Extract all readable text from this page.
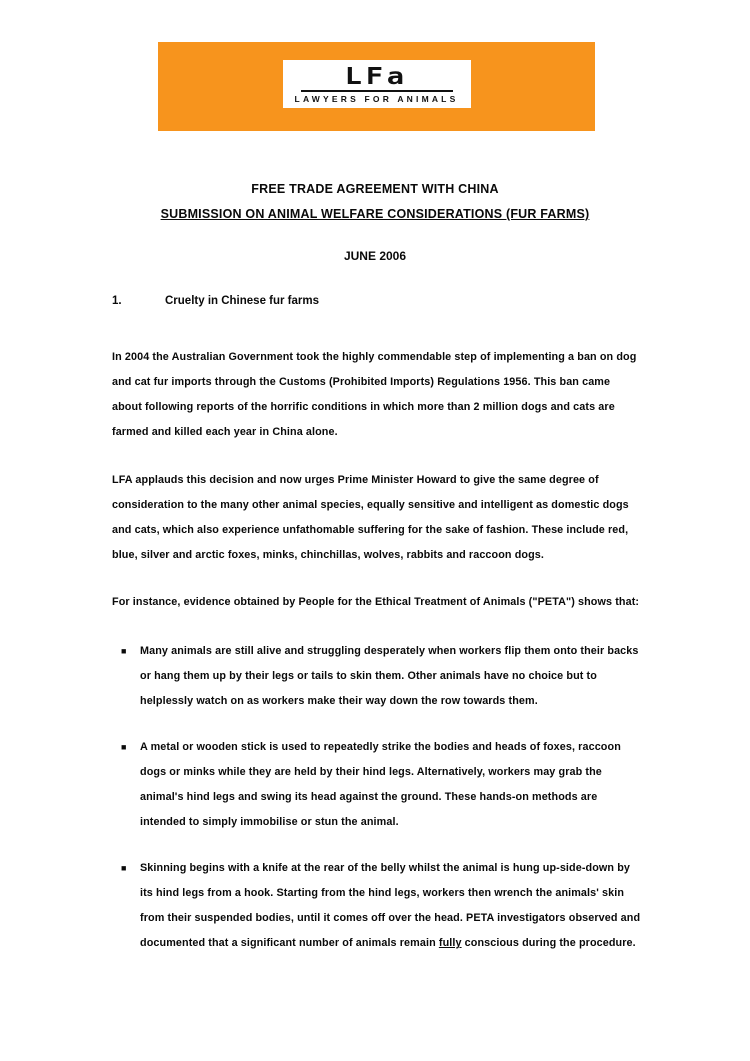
LFa
LAWYERS FOR ANIMALS
FREE TRADE AGREEMENT WITH CHINA
SUBMISSION ON ANIMAL WELFARE CONSIDERATIONS (FUR FARMS)
JUNE 2006
1.	Cruelty in Chinese fur farms
In 2004 the Australian Government took the highly commendable step of implementing a ban on dog and cat fur imports through the Customs (Prohibited Imports) Regulations 1956. This ban came about following reports of the horrific conditions in which more than 2 million dogs and cats are farmed and killed each year in China alone.
LFA applauds this decision and now urges Prime Minister Howard to give the same degree of consideration to the many other animal species, equally sensitive and intelligent as domestic dogs and cats, which also experience unfathomable suffering for the sake of fashion. These include red, blue, silver and arctic foxes, minks, chinchillas, wolves, rabbits and raccoon dogs.
For instance, evidence obtained by People for the Ethical Treatment of Animals ("PETA") shows that:
■	Many animals are still alive and struggling desperately when workers flip them onto their backs or hang them up by their legs or tails to skin them. Other animals have no choice but to helplessly watch on as workers make their way down the row towards them.
■	A metal or wooden stick is used to repeatedly strike the bodies and heads of foxes, raccoon dogs or minks while they are held by their hind legs. Alternatively, workers may grab the animal's hind legs and swing its head against the ground. These hands-on methods are intended to simply immobilise or stun the animal.
■	Skinning begins with a knife at the rear of the belly whilst the animal is hung up-side-down by its hind legs from a hook. Starting from the hind legs, workers then wrench the animals' skin from their suspended bodies, until it comes off over the head. PETA investigators observed and documented that a significant number of animals remain fully conscious during the procedure.
